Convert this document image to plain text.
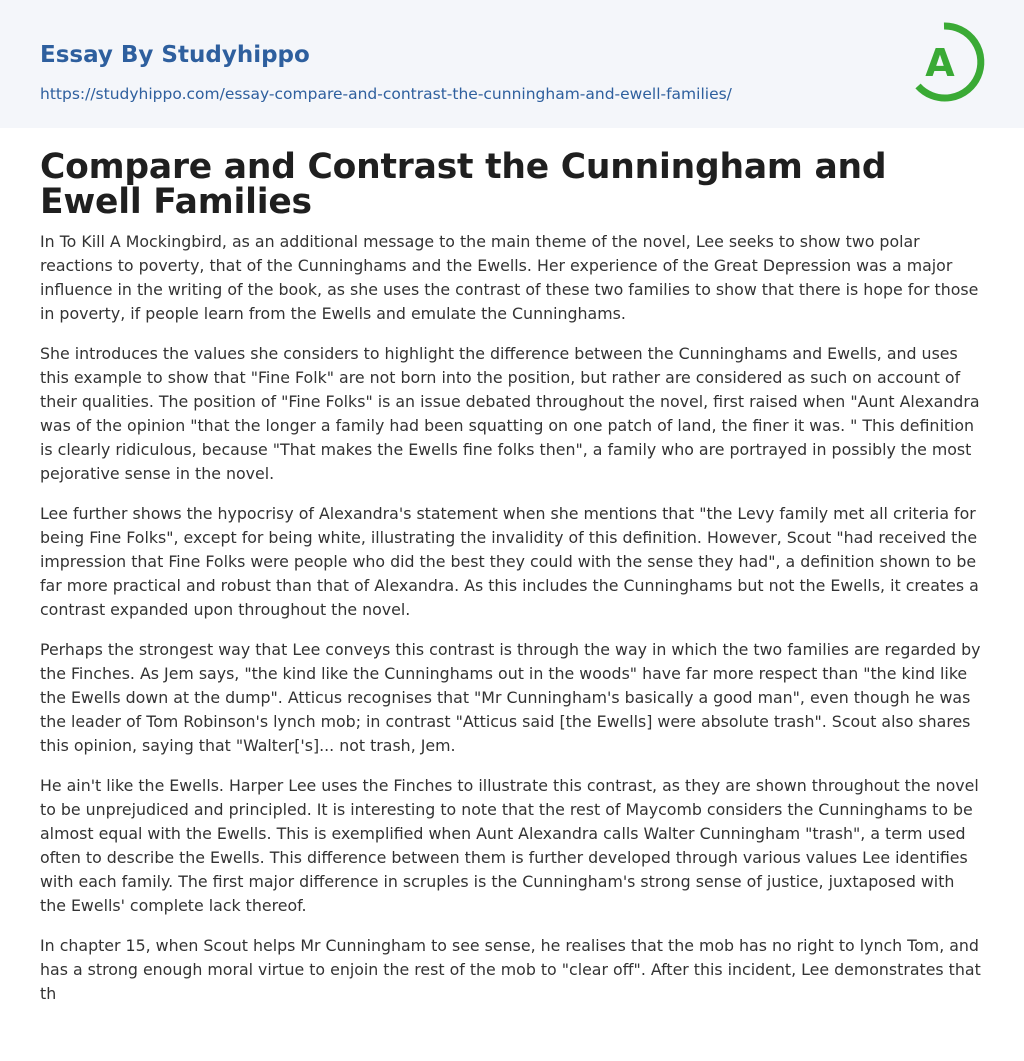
Essay By Studyhippo
https://studyhippo.com/essay-compare-and-contrast-the-cunningham-and-ewell-families/
A
Compare and Contrast the Cunningham and Ewell Families

In To Kill A Mockingbird, as an additional message to the main theme of the novel, Lee seeks to show two polar reactions to poverty, that of the Cunninghams and the Ewells. Her experience of the Great Depression was a major influence in the writing of the book, as she uses the contrast of these two families to show that there is hope for those in poverty, if people learn from the Ewells and emulate the Cunninghams.

She introduces the values she considers to highlight the difference between the Cunninghams and Ewells, and uses this example to show that "Fine Folk" are not born into the position, but rather are considered as such on account of their qualities. The position of "Fine Folks" is an issue debated throughout the novel, first raised when "Aunt Alexandra was of the opinion "that the longer a family had been squatting on one patch of land, the finer it was. " This definition is clearly ridiculous, because "That makes the Ewells fine folks then", a family who are portrayed in possibly the most pejorative sense in the novel.

Lee further shows the hypocrisy of Alexandra's statement when she mentions that "the Levy family met all criteria for being Fine Folks", except for being white, illustrating the invalidity of this definition. However, Scout "had received the impression that Fine Folks were people who did the best they could with the sense they had", a definition shown to be far more practical and robust than that of Alexandra. As this includes the Cunninghams but not the Ewells, it creates a contrast expanded upon throughout the novel.

Perhaps the strongest way that Lee conveys this contrast is through the way in which the two families are regarded by the Finches. As Jem says, "the kind like the Cunninghams out in the woods" have far more respect than "the kind like the Ewells down at the dump". Atticus recognises that "Mr Cunningham's basically a good man", even though he was the leader of Tom Robinson's lynch mob; in contrast "Atticus said [the Ewells] were absolute trash". Scout also shares this opinion, saying that "Walter['s]... not trash, Jem.

He ain't like the Ewells. Harper Lee uses the Finches to illustrate this contrast, as they are shown throughout the novel to be unprejudiced and principled. It is interesting to note that the rest of Maycomb considers the Cunninghams to be almost equal with the Ewells. This is exemplified when Aunt Alexandra calls Walter Cunningham "trash", a term used often to describe the Ewells. This difference between them is further developed through various values Lee identifies with each family. The first major difference in scruples is the Cunningham's strong sense of justice, juxtaposed with the Ewells' complete lack thereof.

In chapter 15, when Scout helps Mr Cunningham to see sense, he realises that the mob has no right to lynch Tom, and has a strong enough moral virtue to enjoin the rest of the mob to "clear off". After this incident, Lee demonstrates that th
